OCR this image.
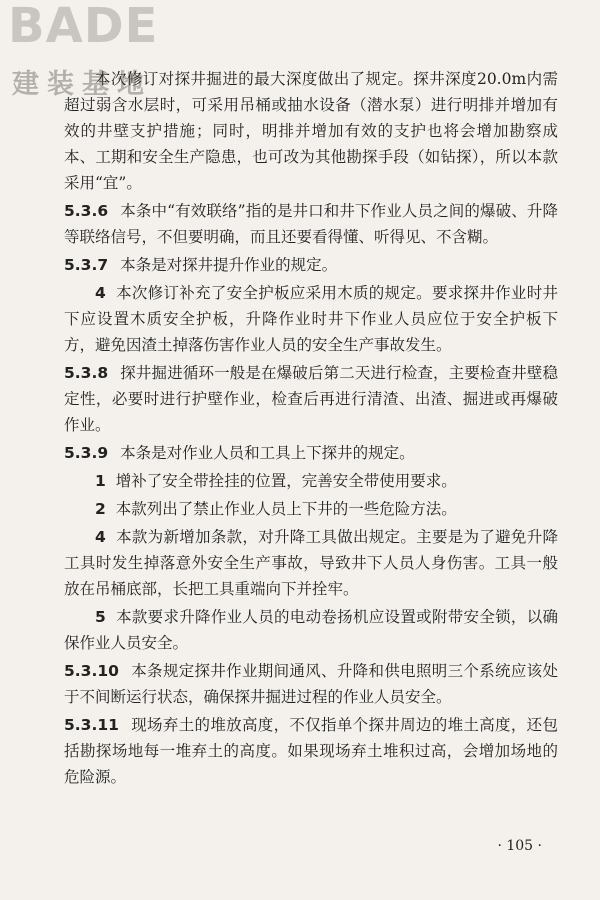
BADE
建装基地

本次修订对探井掘进的最大深度做出了规定。探井深度20.0m内需超过弱含水层时，可采用吊桶或抽水设备（潜水泵）进行明排并增加有效的井壁支护措施；同时，明排并增加有效的支护也将会增加勘察成本、工期和安全生产隐患，也可改为其他勘探手段（如钻探），所以本款采用“宜”。

5.3.6 本条中“有效联络”指的是井口和井下作业人员之间的爆破、升降等联络信号，不但要明确，而且还要看得懂、听得见、不含糊。

5.3.7 本条是对探井提升作业的规定。

4 本次修订补充了安全护板应采用木质的规定。要求探井作业时井下应设置木质安全护板，升降作业时井下作业人员应位于安全护板下方，避免因渣土掉落伤害作业人员的安全生产事故发生。

5.3.8 探井掘进循环一般是在爆破后第二天进行检查，主要检查井壁稳定性，必要时进行护壁作业，检查后再进行清渣、出渣、掘进或再爆破作业。

5.3.9 本条是对作业人员和工具上下探井的规定。

1 增补了安全带拴挂的位置，完善安全带使用要求。

2 本款列出了禁止作业人员上下井的一些危险方法。

4 本款为新增加条款，对升降工具做出规定。主要是为了避免升降工具时发生掉落意外安全生产事故，导致井下人员人身伤害。工具一般放在吊桶底部，长把工具重端向下并拴牢。

5 本款要求升降作业人员的电动卷扬机应设置或附带安全锁，以确保作业人员安全。

5.3.10 本条规定探井作业期间通风、升降和供电照明三个系统应该处于不间断运行状态，确保探井掘进过程的作业人员安全。

5.3.11 现场弃土的堆放高度，不仅指单个探井周边的堆土高度，还包括勘探场地每一堆弃土的高度。如果现场弃土堆积过高，会增加场地的危险源。

· 105 ·
